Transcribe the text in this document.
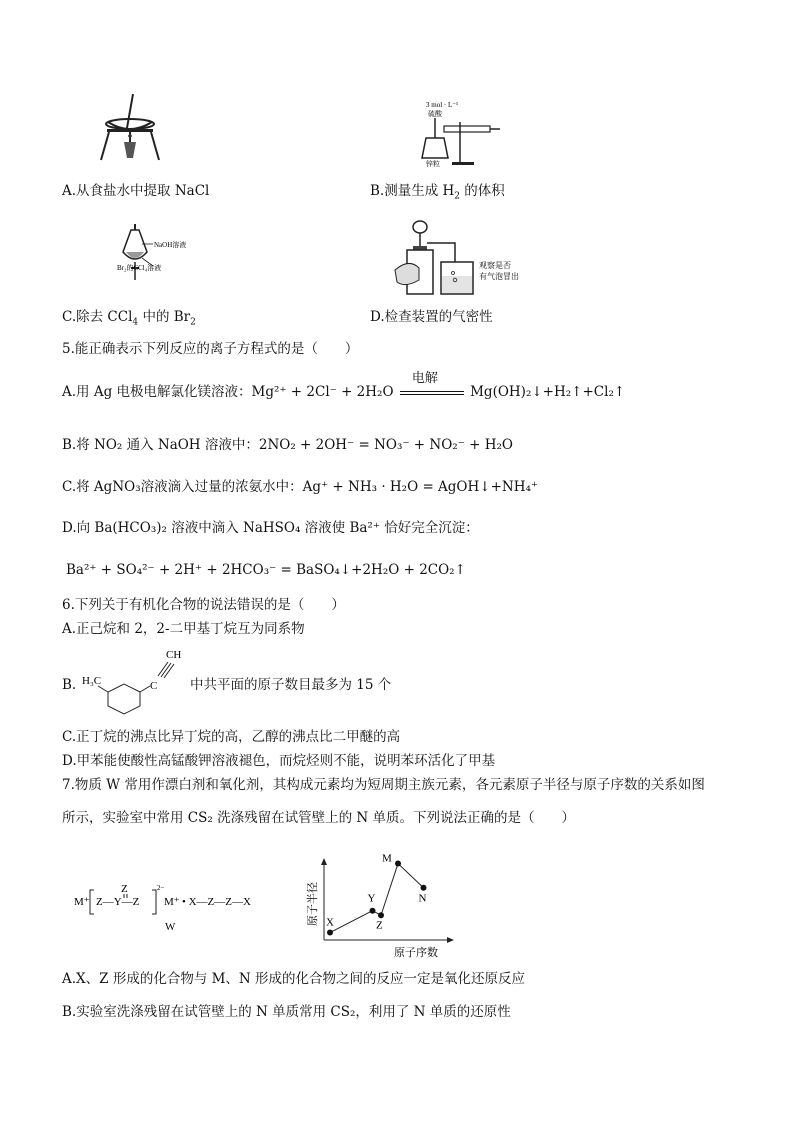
3 mol · L⁻¹
硫酸
锌粒
A.从食盐水中提取 NaCl	B.测量生成 $H_2$ 的体积
NaOH溶液
Br₂的CCl₄溶液	观察是否
有气泡冒出
C.除去 CCl$_4$ 中的 $Br_2$	D.检查装置的气密性
5.能正确表示下列反应的离子方程式的是（　　）
A.用 Ag 电极电解氯化镁溶液：Mg²⁺ + 2Cl⁻ + 2H₂O
电解
Mg(OH)₂↓+H₂↑+Cl₂↑
B.将 NO₂ 通入 NaOH 溶液中：2NO₂ + 2OH⁻ = NO₃⁻ + NO₂⁻ + H₂O
C.将 AgNO₃溶液滴入过量的浓氨水中：Ag⁺ + NH₃ · H₂O = AgOH↓+NH₄⁺
D.向 Ba(HCO₃)₂ 溶液中滴入 NaHSO₄ 溶液使 Ba²⁺ 恰好完全沉淀：
Ba²⁺ + SO₄²⁻ + 2H⁺ + 2HCO₃⁻ = BaSO₄↓+2H₂O + 2CO₂↑
6.下列关于有机化合物的说法错误的是（　　）
A.正己烷和 2，2-二甲基丁烷互为同系物
B.
CH
C
H₃C	中共平面的原子数目最多为 15 个
C.正丁烷的沸点比异丁烷的高，乙醇的沸点比二甲醚的高
D.甲苯能使酸性高锰酸钾溶液褪色，而烷烃则不能，说明苯环活化了甲基
7.物质 W 常用作漂白剂和氧化剂，其构成元素均为短周期主族元素，各元素原子半径与原子序数的关系如图
所示，实验室中常用 CS₂ 洗涤残留在试管壁上的 N 单质。下列说法正确的是（　　）
M⁺
Z
Z—Y—Z
2−
M⁺ • X—Z—Z—X
W
原子半径
原子序数
X
Y
Z
M
N
A.X、Z 形成的化合物与 M、N 形成的化合物之间的反应一定是氧化还原反应
B.实验室洗涤残留在试管壁上的 N 单质常用 CS₂，利用了 N 单质的还原性
